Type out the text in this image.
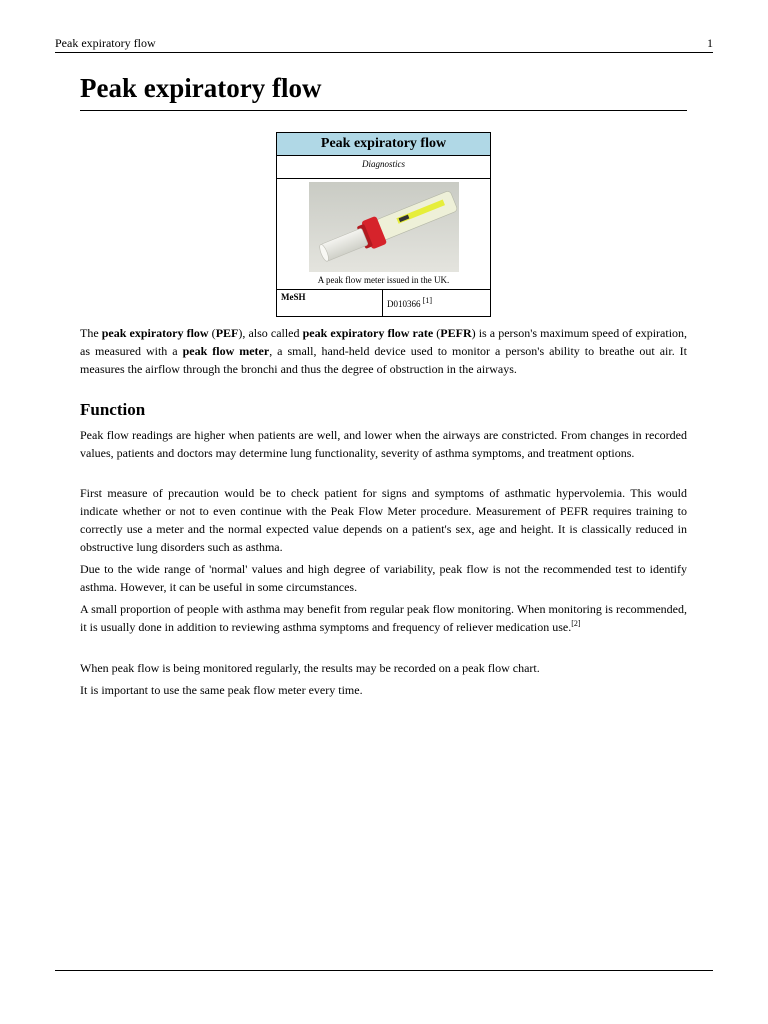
Peak expiratory flow	1
Peak expiratory flow
Peak expiratory flow
Diagnostics
A peak flow meter issued in the UK.
MeSH
D010366 [1]

The peak expiratory flow (PEF), also called peak expiratory flow rate (PEFR) is a person's maximum speed of expiration, as measured with a peak flow meter, a small, hand-held device used to monitor a person's ability to breathe out air. It measures the airflow through the bronchi and thus the degree of obstruction in the airways.

Function

Peak flow readings are higher when patients are well, and lower when the airways are constricted. From changes in recorded values, patients and doctors may determine lung functionality, severity of asthma symptoms, and treatment options.

First measure of precaution would be to check patient for signs and symptoms of asthmatic hypervolemia. This would indicate whether or not to even continue with the Peak Flow Meter procedure. Measurement of PEFR requires training to correctly use a meter and the normal expected value depends on a patient's sex, age and height. It is classically reduced in obstructive lung disorders such as asthma.

Due to the wide range of 'normal' values and high degree of variability, peak flow is not the recommended test to identify asthma. However, it can be useful in some circumstances.

A small proportion of people with asthma may benefit from regular peak flow monitoring. When monitoring is recommended, it is usually done in addition to reviewing asthma symptoms and frequency of reliever medication use.[2]

When peak flow is being monitored regularly, the results may be recorded on a peak flow chart.

It is important to use the same peak flow meter every time.
